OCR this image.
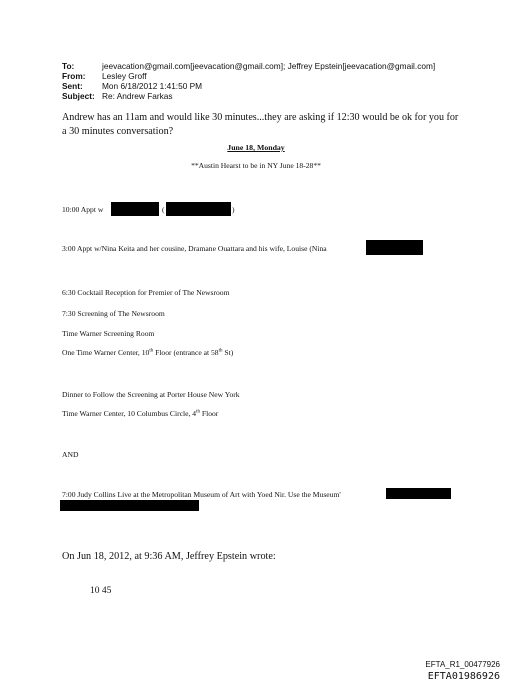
To:	jeevacation@gmail.com[jeevacation@gmail.com]; Jeffrey Epstein[jeevacation@gmail.com]
From: Lesley Groff
Sent: Mon 6/18/2012 1:41:50 PM
Subject: Re: Andrew Farkas
Andrew has an 11am and would like 30 minutes...they are asking if 12:30 would be ok for you for
a 30 minutes conversation?
June 18, Monday
**Austin Hearst to be in NY June 18-28**
10:00 Appt w	(	)
3:00 Appt w/Nina Keita and her cousine, Dramane Ouattara and his wife, Louise (Nina
6:30 Cocktail Reception for Premier of The Newsroom
7:30 Screening of The Newsroom
Time Warner Screening Room
One Time Warner Center, 10th Floor (entrance at 58th St)
Dinner to Follow the Screening at Porter House New York
Time Warner Center, 10 Columbus Circle, 4th Floor
AND
7:00 Judy Collins Live at the Metropolitan Museum of Art with Yoed Nir. Use the Museum'
On Jun 18, 2012, at 9:36 AM, Jeffrey Epstein wrote:
10 45
EFTA_R1_00477926
EFTA01986926
